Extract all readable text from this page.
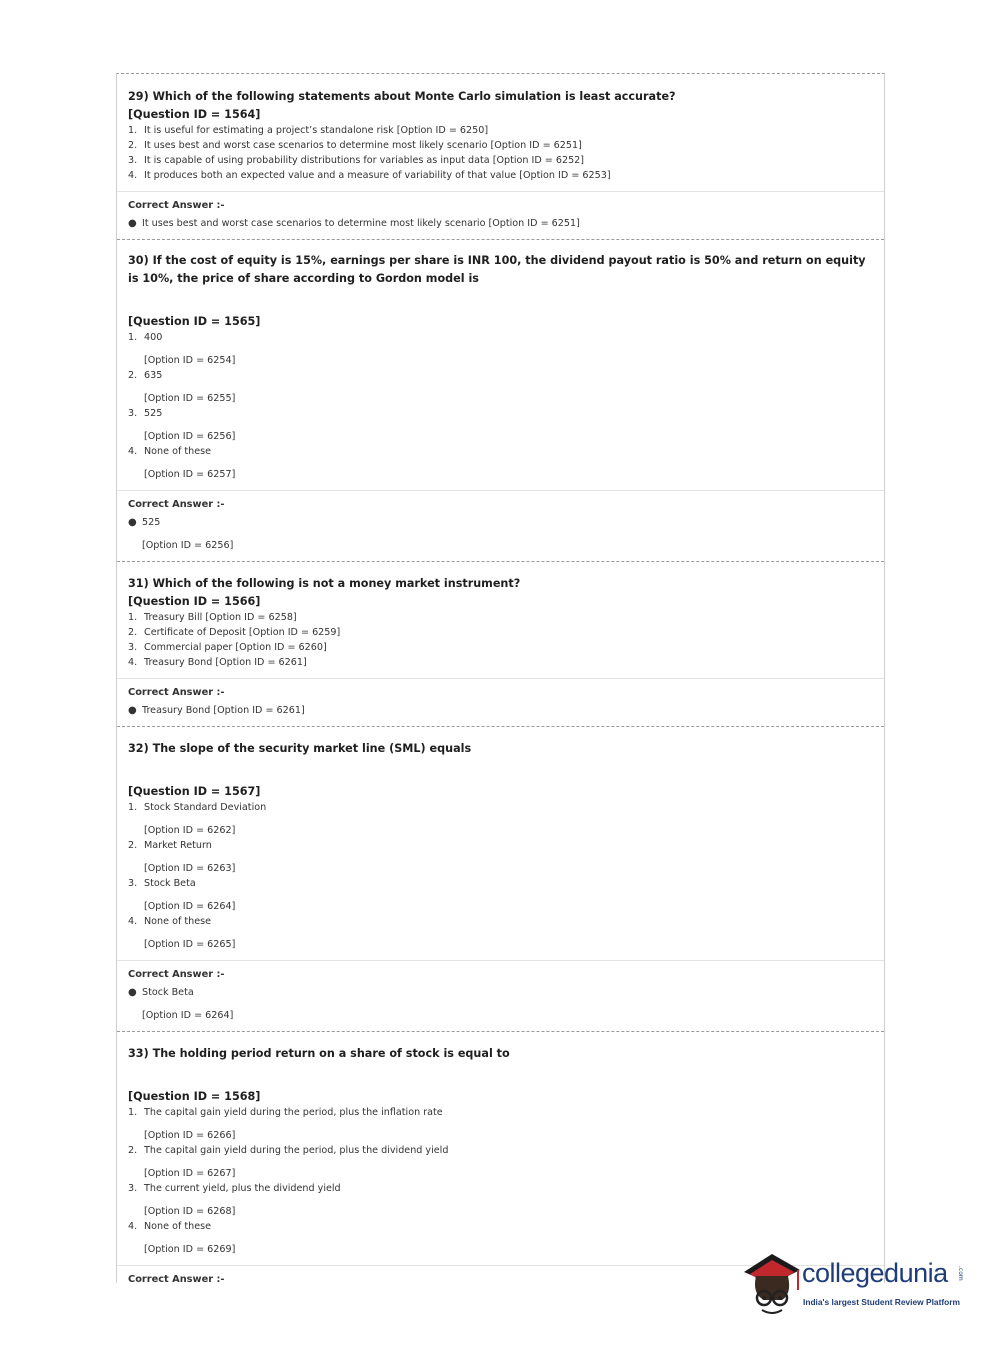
29) Which of the following statements about Monte Carlo simulation is least accurate?
[Question ID = 1564]
1. It is useful for estimating a project’s standalone risk [Option ID = 6250]
2. It uses best and worst case scenarios to determine most likely scenario [Option ID = 6251]
3. It is capable of using probability distributions for variables as input data [Option ID = 6252]
4. It produces both an expected value and a measure of variability of that value [Option ID = 6253]
Correct Answer :-
● It uses best and worst case scenarios to determine most likely scenario [Option ID = 6251]
30) If the cost of equity is 15%, earnings per share is INR 100, the dividend payout ratio is 50% and return on equity is 10%, the price of share according to Gordon model is
[Question ID = 1565]
1. 400
[Option ID = 6254]
2. 635
[Option ID = 6255]
3. 525
[Option ID = 6256]
4. None of these
[Option ID = 6257]
Correct Answer :-
● 525
[Option ID = 6256]
31) Which of the following is not a money market instrument?
[Question ID = 1566]
1. Treasury Bill [Option ID = 6258]
2. Certificate of Deposit [Option ID = 6259]
3. Commercial paper [Option ID = 6260]
4. Treasury Bond [Option ID = 6261]
Correct Answer :-
● Treasury Bond [Option ID = 6261]
32) The slope of the security market line (SML) equals
[Question ID = 1567]
1. Stock Standard Deviation
[Option ID = 6262]
2. Market Return
[Option ID = 6263]
3. Stock Beta
[Option ID = 6264]
4. None of these
[Option ID = 6265]
Correct Answer :-
● Stock Beta
[Option ID = 6264]
33) The holding period return on a share of stock is equal to
[Question ID = 1568]
1. The capital gain yield during the period, plus the inflation rate
[Option ID = 6266]
2. The capital gain yield during the period, plus the dividend yield
[Option ID = 6267]
3. The current yield, plus the dividend yield
[Option ID = 6268]
4. None of these
[Option ID = 6269]
Correct Answer :-	collegedunia .com
India's largest Student Review Platform
